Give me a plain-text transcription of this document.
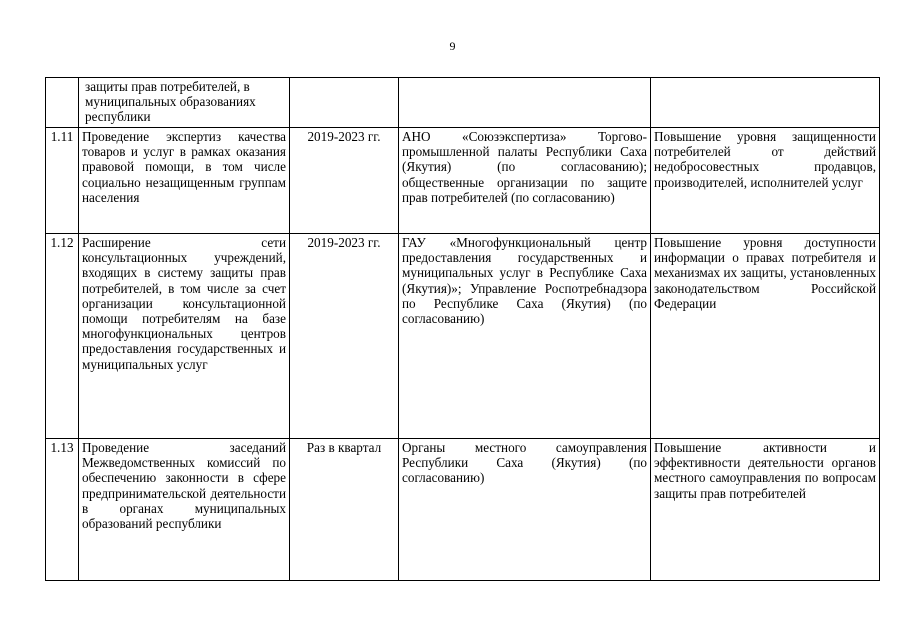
9

	защиты прав потребителей, в муниципальных образованиях республики			

1.11	Проведение экспертиз качества товаров и услуг в рамках оказания правовой помощи, в том числе социально незащищенным группам населения	2019-2023 гг.	АНО «Союзэкспертиза» Торгово-промышленной палаты Республики Саха (Якутия) (по согласованию); общественные организации по защите прав потребителей (по согласованию)	Повышение уровня защищенности потребителей от действий недобросовестных продавцов, производителей, исполнителей услуг
1.12	Расширение сети консультационных учреждений, входящих в систему защиты прав потребителей, в том числе за счет организации консультационной помощи потребителям на базе многофункциональных центров предоставления государственных и муниципальных услуг	2019-2023 гг.	ГАУ «Многофункциональный центр предоставления государственных и муниципальных услуг в Республике Саха (Якутия)»; Управление Роспотребнадзора по Республике Саха (Якутия) (по согласованию)	Повышение уровня доступности информации о правах потребителя и механизмах их защиты, установленных законодательством Российской Федерации
1.13	Проведение заседаний Межведомственных комиссий по обеспечению законности в сфере предпринимательской деятельности в органах муниципальных образований республики	Раз в квартал	Органы местного самоуправления Республики Саха (Якутия) (по согласованию)	Повышение активности и эффективности деятельности органов местного самоуправления по вопросам защиты прав потребителей
